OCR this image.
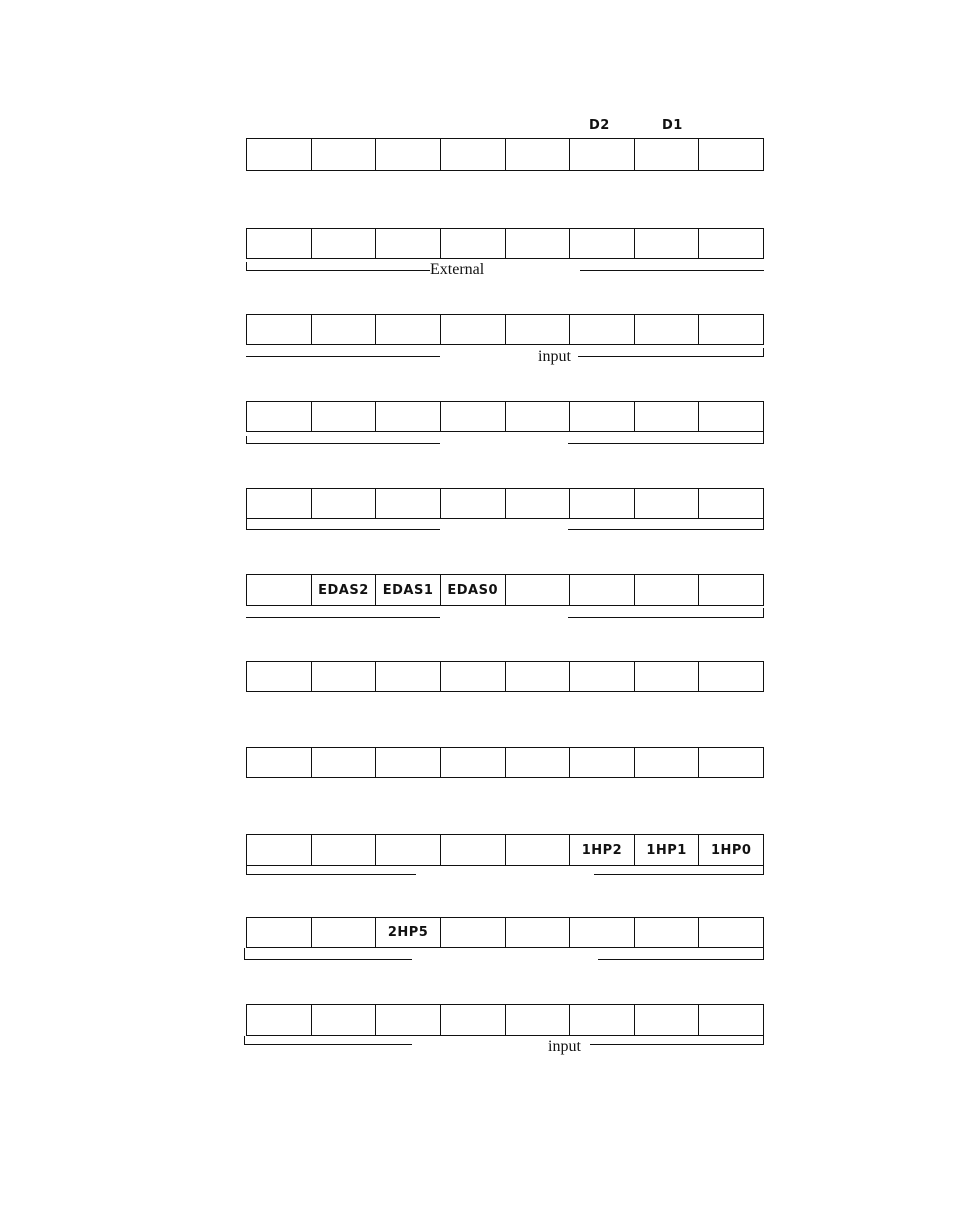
D2	D1
EDAS2	EDAS1	EDAS0
1HP2	1HP1	1HP0
2HP5
External
input
input
